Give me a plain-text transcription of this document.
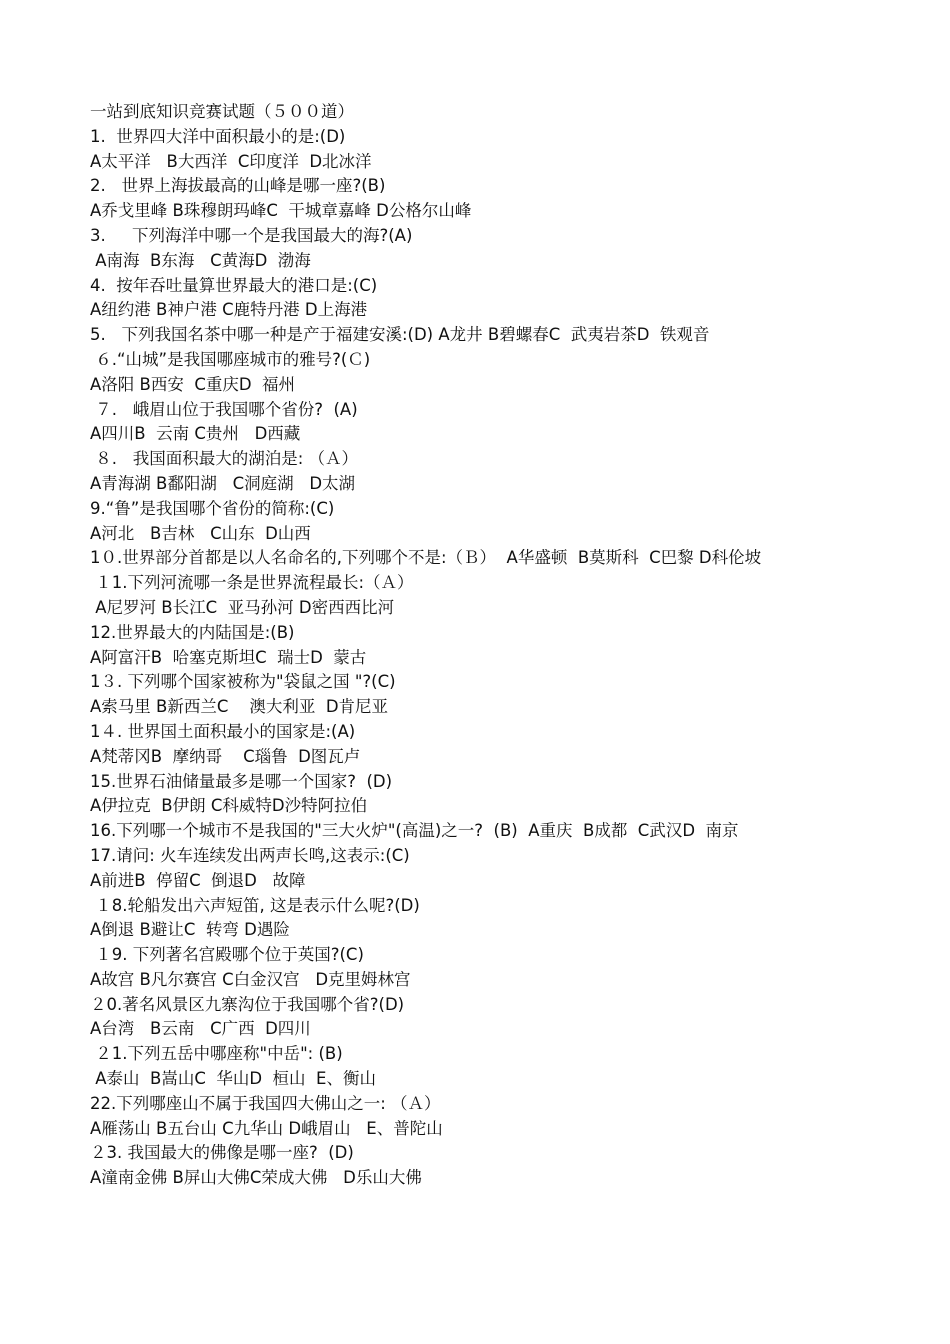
一站到底知识竞赛试题（５００道）
1.  世界四大洋中面积最小的是:(D)
A太平洋   B大西洋  C印度洋  D北冰洋
2.   世界上海拔最高的山峰是哪一座?(B)
A乔戈里峰 B珠穆朗玛峰C  干城章嘉峰 D公格尔山峰
3.     下列海洋中哪一个是我国最大的海?(A)
A南海  B东海   C黄海D  渤海
4.  按年吞吐量算世界最大的港口是:(C)
A纽约港 B神户港 C鹿特丹港 D上海港
5.   下列我国名茶中哪一种是产于福建安溪:(D) A龙井 B碧螺春C  武夷岩茶D  铁观音
６.“山城”是我国哪座城市的雅号?(Ｃ)
A洛阳 B西安  C重庆D  福州
７.   峨眉山位于我国哪个省份?  (A)
A四川B  云南 C贵州   D西藏
８.   我国面积最大的湖泊是: （Ａ）
A青海湖 B鄱阳湖   C洞庭湖   D太湖
9.“鲁”是我国哪个省份的简称:(C)
A河北   B吉林   C山东  D山西
1０.世界部分首都是以人名命名的,下列哪个不是:（Ｂ）  A华盛顿  B莫斯科  C巴黎 D科伦坡
１1.下列河流哪一条是世界流程最长:（Ａ）
A尼罗河 B长江C  亚马孙河 D密西西比河
12.世界最大的内陆国是:(B)
A阿富汗B  哈塞克斯坦C  瑞士D  蒙古
1３. 下列哪个国家被称为"袋鼠之国 "?(C)
A索马里 B新西兰C    澳大利亚  D肯尼亚
1４. 世界国土面积最小的国家是:(A)
A梵蒂冈B  摩纳哥    C瑙鲁  D图瓦卢
15.世界石油储量最多是哪一个国家?  (D)
A伊拉克  B伊朗 C科威特D沙特阿拉伯
16.下列哪一个城市不是我国的"三大火炉"(高温)之一?  (B)  A重庆  B成都  C武汉D  南京
17.请问: 火车连续发出两声长鸣,这表示:(C)
A前进B  停留C  倒退D   故障
１8.轮船发出六声短笛, 这是表示什么呢?(D)
A倒退 B避让C  转弯 D遇险
１9. 下列著名宫殿哪个位于英国?(C)
A故宫 B凡尔赛宫 C白金汉宫   D克里姆林宫
２0.著名风景区九寨沟位于我国哪个省?(D)
A台湾   B云南   C广西  D四川
２1.下列五岳中哪座称"中岳": (B)
A泰山  B嵩山C  华山D  桓山  E、衡山
22.下列哪座山不属于我国四大佛山之一: （Ａ）
A雁荡山 B五台山 C九华山 D峨眉山   E、普陀山
２3. 我国最大的佛像是哪一座?  (D)
A潼南金佛 B屏山大佛C荣成大佛   D乐山大佛
